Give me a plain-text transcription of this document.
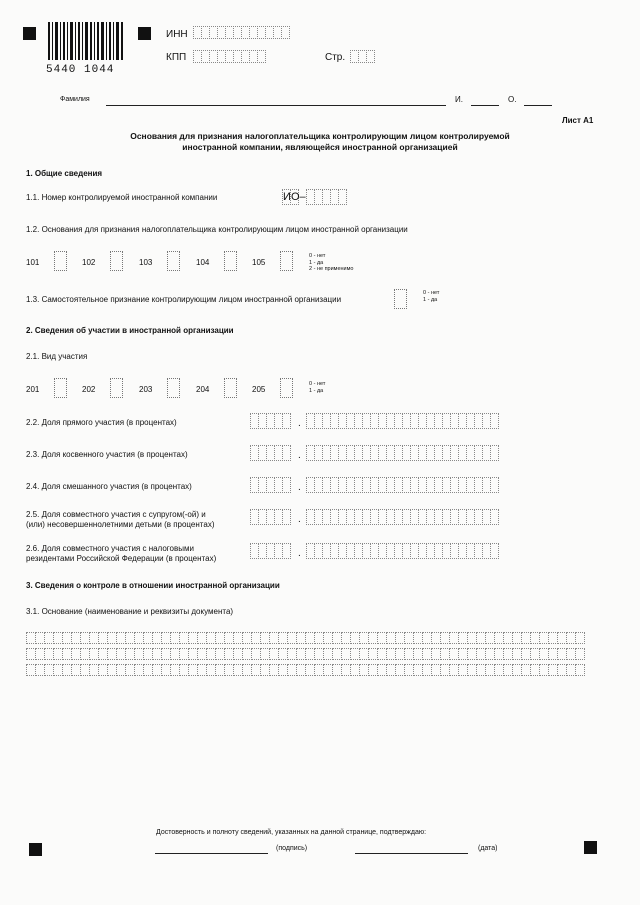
5440 1044
ИНН
КПП	Стр.
Фамилия	И.	О.
Лист А1
Основания для признания налогоплательщика контролирующим лицом контролируемой
иностранной компании, являющейся иностранной организацией
1. Общие сведения
1.1. Номер контролируемой иностранной компании	И О –
1.2. Основания для признания налогоплательщика контролирующим лицом иностранной организации
101	102	103	104	105
0 - нет
1 - да
2 - не применимо
1.3. Самостоятельное признание контролирующим лицом иностранной организации
0 - нет
1 - да
2. Сведения об участии в иностранной организации
2.1. Вид участия
201	202	203	204	205
0 - нет
1 - да
2.2. Доля прямого участия (в процентах)	.
2.3. Доля косвенного участия (в процентах)	.
2.4. Доля смешанного участия (в процентах)	.
2.5. Доля совместного участия с супругом(-ой) и
(или) несовершеннолетними детьми (в процентах)	.
2.6. Доля совместного участия с налоговыми
резидентами Российской Федерации (в процентах)	.
3. Сведения о контроле в отношении иностранной организации
3.1. Основание (наименование и реквизиты документа)
Достоверность и полноту сведений, указанных на данной странице, подтверждаю:
(подпись)	(дата)
